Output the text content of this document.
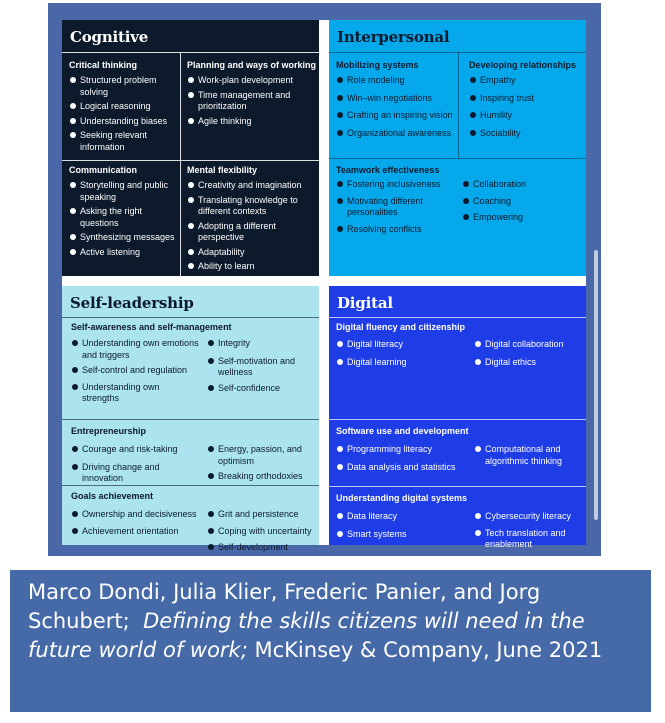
Cognitive
Critical thinking
Structured problem solving
Logical reasoning
Understanding biases
Seeking relevant information
Planning and ways of working
Work-plan development
Time management and prioritization
Agile thinking
Communication
Storytelling and public speaking
Asking the right questions
Synthesizing messages
Active listening
Mental flexibility
Creativity and imagination
Translating knowledge to different contexts
Adopting a different perspective
Adaptability
Ability to learn
Interpersonal
Mobilizing systems
Role modeling
Win–win negotiations
Crafting an inspiring vision
Organizational awareness
Developing relationships
Empathy
Inspiring trust
Humility
Sociability
Teamwork effectiveness
Fostering inclusiveness
Motivating different personalities
Resolving conflicts
Collaboration
Coaching
Empowering
Self-leadership
Self-awareness and self-management
Understanding own emotions and triggers
Self-control and regulation
Understanding own strengths
Integrity
Self-motivation and wellness
Self-confidence
Entrepreneurship
Courage and risk-taking
Driving change and innovation
Energy, passion, and optimism
Breaking orthodoxies
Goals achievement
Ownership and decisiveness
Achievement orientation
Grit and persistence
Coping with uncertainty
Self-development
Digital
Digital fluency and citizenship
Digital literacy
Digital learning
Digital collaboration
Digital ethics
Software use and development
Programming literacy
Data analysis and statistics
Computational and algorithmic thinking
Understanding digital systems
Data literacy
Smart systems
Cybersecurity literacy
Tech translation and enablement
Marco Dondi, Julia Klier, Frederic Panier, and Jorg Schubert; Defining the skills citizens will need in the future world of work; McKinsey & Company, June 2021
